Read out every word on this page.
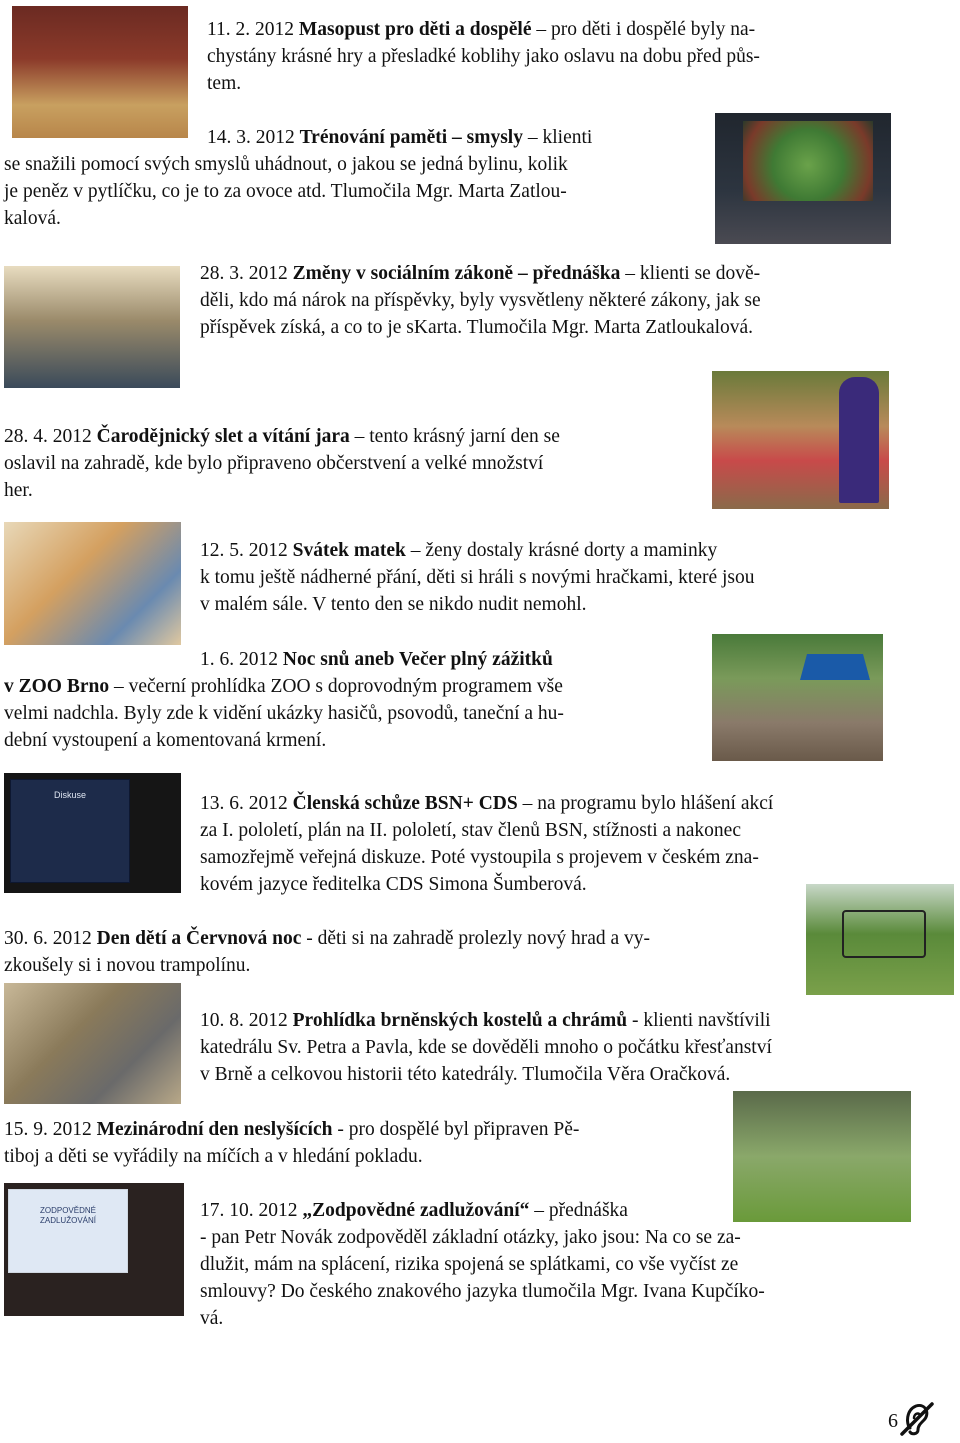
Diskuse
ZODPOVĚDNÉ ZADLUŽOVÁNÍ
6

11. 2. 2012 Masopust pro děti a dospělé – pro děti i dospělé byly na-

chystány krásné hry a přesladké koblihy jako oslavu na dobu před půs-

tem.

14. 3. 2012 Trénování paměti – smysly – klienti

se snažili pomocí svých smyslů uhádnout, o jakou se jedná bylinu, kolik

je peněz v pytlíčku, co je to za ovoce atd. Tlumočila Mgr. Marta Zatlou-

kalová.

28. 3. 2012 Změny v sociálním zákoně – přednáška – klienti se dově-

děli, kdo má nárok na příspěvky, byly vysvětleny některé zákony, jak se

příspěvek získá, a co to je sKarta. Tlumočila Mgr. Marta Zatloukalová.

28. 4. 2012 Čarodějnický slet a vítání jara – tento krásný jarní den se

oslavil na zahradě, kde bylo připraveno občerstvení a velké množství

her.

12. 5. 2012 Svátek matek – ženy dostaly krásné dorty a maminky

k tomu ještě nádherné přání, děti si hráli s novými hračkami, které jsou

v malém sále. V tento den se nikdo nudit nemohl.

1. 6. 2012 Noc snů aneb Večer plný zážitků

v ZOO Brno – večerní prohlídka ZOO s doprovodným programem vše

velmi nadchla. Byly zde k vidění ukázky hasičů, psovodů, taneční a hu-

dební vystoupení a komentovaná krmení.

13. 6. 2012 Členská schůze BSN+ CDS – na programu bylo hlášení akcí

za I. pololetí, plán na II. pololetí, stav členů BSN, stížnosti a nakonec

samozřejmě veřejná diskuze. Poté vystoupila s projevem v českém zna-

kovém jazyce ředitelka CDS Simona Šumberová.

30. 6. 2012 Den dětí a Červnová noc - děti si na zahradě prolezly nový hrad a vy-

zkoušely si i novou trampolínu.

10. 8. 2012 Prohlídka brněnských kostelů a chrámů - klienti navštívili

katedrálu Sv. Petra a Pavla, kde se dověděli mnoho o počátku křesťanství

v Brně a celkovou historii této katedrály. Tlumočila Věra Oračková.

15. 9. 2012 Mezinárodní den neslyšících - pro dospělé byl připraven Pě-

tiboj a děti se vyřádily na míčích a v hledání pokladu.

17. 10. 2012 „Zodpovědné zadlužování“ – přednáška

- pan Petr Novák zodpověděl základní otázky, jako jsou: Na co se za-

dlužit, mám na splácení, rizika spojená se splátkami, co vše vyčíst ze

smlouvy? Do českého znakového jazyka tlumočila Mgr. Ivana Kupčíko-

vá.
